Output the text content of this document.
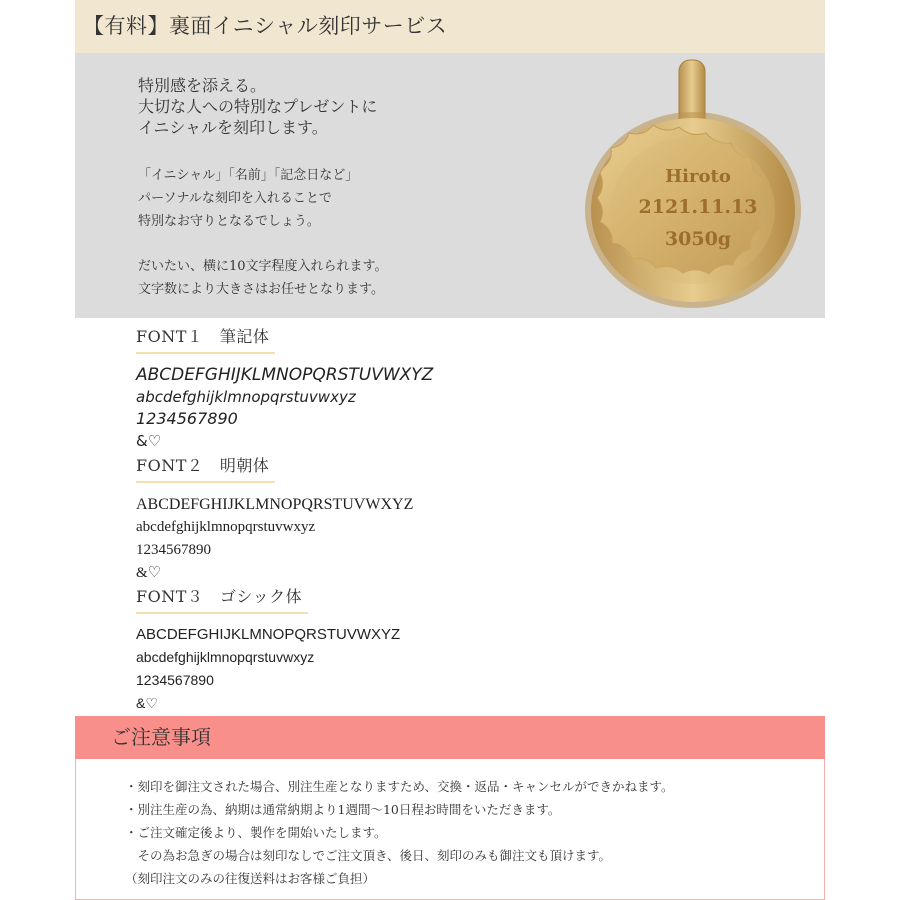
【有料】裏面イニシャル刻印サービス
特別感を添える。
大切な人への特別なプレゼントに
イニシャルを刻印します。
「イニシャル」「名前」「記念日など」
パーソナルな刻印を入れることで
特別なお守りとなるでしょう。
だいたい、横に10文字程度入れられます。
文字数により大きさはお任せとなります。
Hiroto
2121.11.13
3050g
FONT１　筆記体
ABCDEFGHIJKLMNOPQRSTUVWXYZ
abcdefghijklmnopqrstuvwxyz
1234567890
&♡
FONT２　明朝体
ABCDEFGHIJKLMNOPQRSTUVWXYZ
abcdefghijklmnopqrstuvwxyz
1234567890
&♡
FONT３　ゴシック体
ABCDEFGHIJKLMNOPQRSTUVWXYZ
abcdefghijklmnopqrstuvwxyz
1234567890
&♡
ご注意事項
・刻印を御注文された場合、別注生産となりますため、交換・返品・キャンセルができかねます。
・別注生産の為、納期は通常納期より1週間〜10日程お時間をいただきます。
・ご注文確定後より、製作を開始いたします。
　その為お急ぎの場合は刻印なしでご注文頂き、後日、刻印のみも御注文も頂けます。
（刻印注文のみの往復送料はお客様ご負担）
